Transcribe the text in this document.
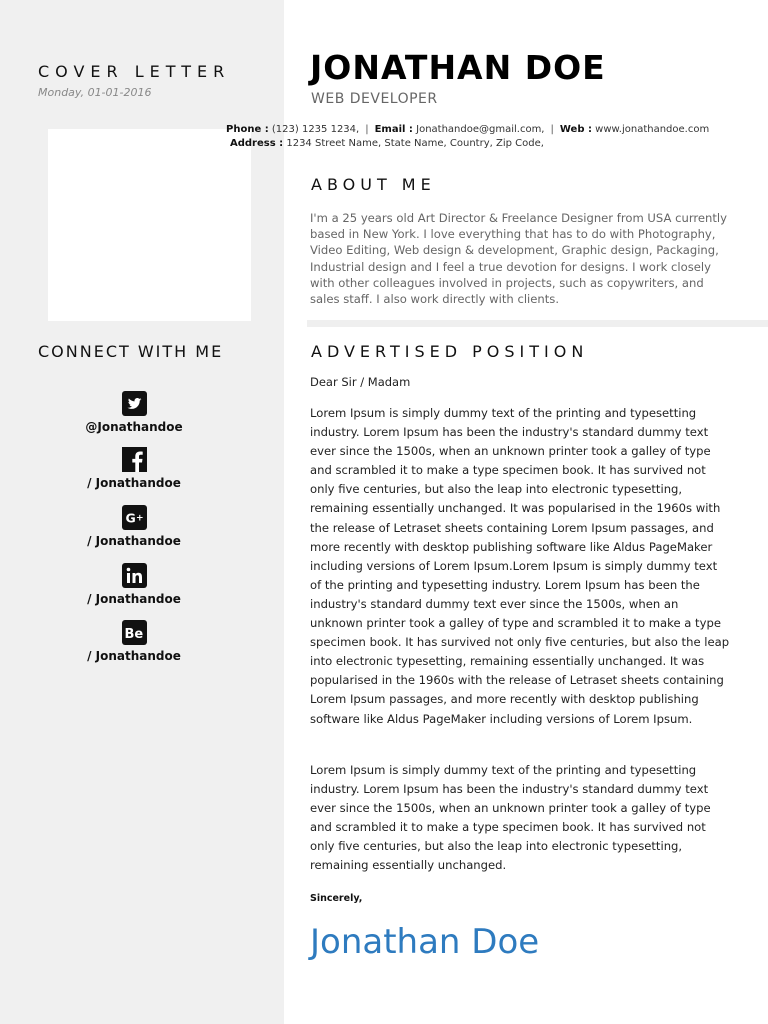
COVER LETTER
Monday, 01-01-2016
JONATHAN DOE
WEB DEVELOPER
Phone : (123) 1235 1234, | Email : Jonathandoe@gmail.com, | Web : www.jonathandoe.com
Address : 1234 Street Name, State Name, Country, Zip Code,
ABOUT ME
I'm a 25 years old Art Director & Freelance Designer from USA currently based in New York. I love everything that has to do with Photography, Video Editing, Web design & development, Graphic design, Packaging, Industrial design and I feel a true devotion for designs. I work closely with other colleagues involved in projects, such as copywriters, and sales staff. I also work directly with clients.
CONNECT WITH ME
@Jonathandoe
/ Jonathandoe
G +
/ Jonathandoe
/ Jonathandoe
Be
/ Jonathandoe
ADVERTISED POSITION
Dear Sir / Madam
Lorem Ipsum is simply dummy text of the printing and typesetting industry. Lorem Ipsum has been the industry's standard dummy text ever since the 1500s, when an unknown printer took a galley of type and scrambled it to make a type specimen book. It has survived not only five centuries, but also the leap into electronic typesetting, remaining essentially unchanged. It was popularised in the 1960s with the release of Letraset sheets containing Lorem Ipsum passages, and more recently with desktop publishing software like Aldus PageMaker including versions of Lorem Ipsum.Lorem Ipsum is simply dummy text of the printing and typesetting industry. Lorem Ipsum has been the industry's standard dummy text ever since the 1500s, when an unknown printer took a galley of type and scrambled it to make a type specimen book. It has survived not only five centuries, but also the leap into electronic typesetting, remaining essentially unchanged. It was popularised in the 1960s with the release of Letraset sheets containing Lorem Ipsum passages, and more recently with desktop publishing software like Aldus PageMaker including versions of Lorem Ipsum.
Lorem Ipsum is simply dummy text of the printing and typesetting industry. Lorem Ipsum has been the industry's standard dummy text ever since the 1500s, when an unknown printer took a galley of type and scrambled it to make a type specimen book. It has survived not only five centuries, but also the leap into electronic typesetting, remaining essentially unchanged.
Sincerely,
Jonathan Doe
